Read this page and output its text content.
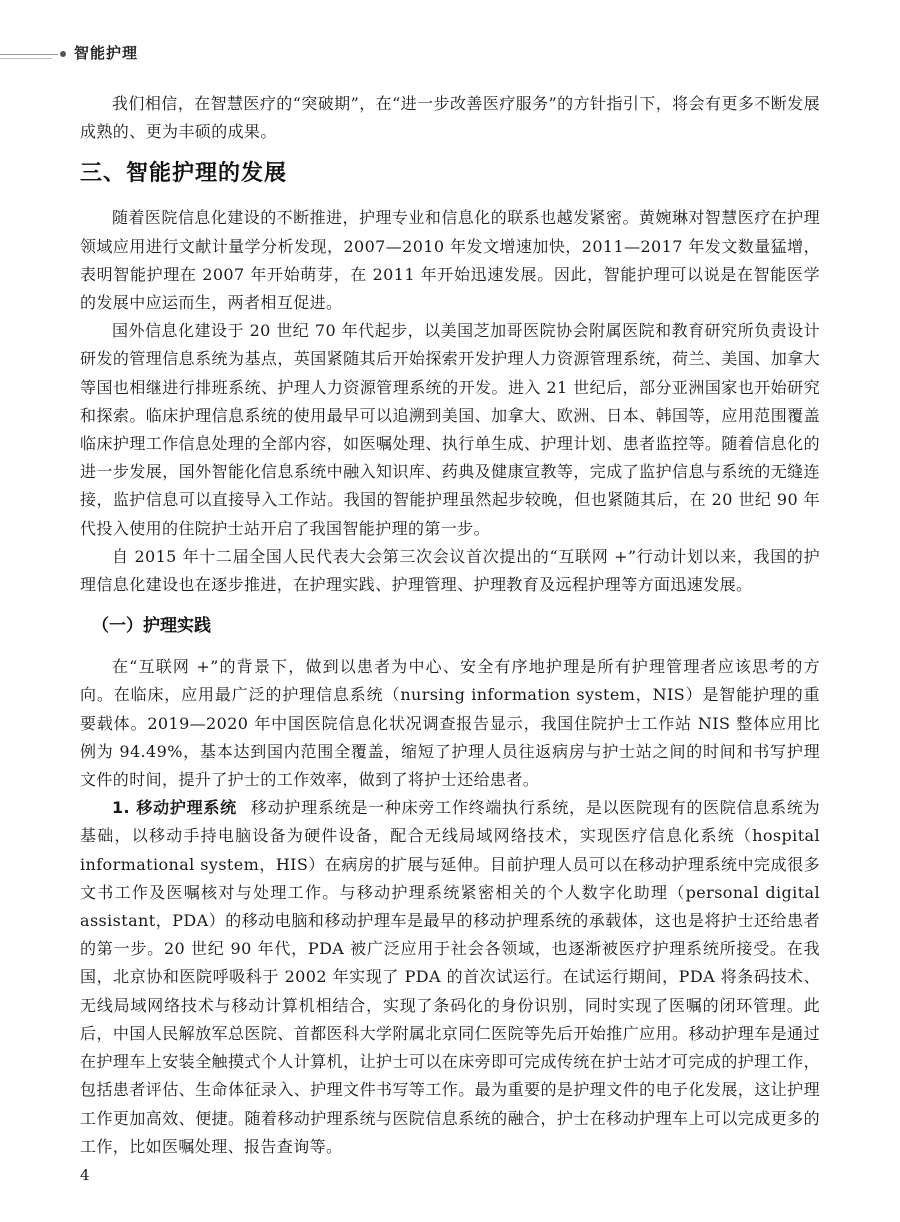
智能护理

我们相信，在智慧医疗的“突破期”，在“进一步改善医疗服务”的方针指引下，将会有更多不断发展成熟的、更为丰硕的成果。

三、智能护理的发展

随着医院信息化建设的不断推进，护理专业和信息化的联系也越发紧密。黄婉琳对智慧医疗在护理领域应用进行文献计量学分析发现，2007—2010 年发文增速加快，2011—2017 年发文数量猛增，表明智能护理在 2007 年开始萌芽，在 2011 年开始迅速发展。因此，智能护理可以说是在智能医学的发展中应运而生，两者相互促进。

国外信息化建设于 20 世纪 70 年代起步，以美国芝加哥医院协会附属医院和教育研究所负责设计研发的管理信息系统为基点，英国紧随其后开始探索开发护理人力资源管理系统，荷兰、美国、加拿大等国也相继进行排班系统、护理人力资源管理系统的开发。进入 21 世纪后，部分亚洲国家也开始研究和探索。临床护理信息系统的使用最早可以追溯到美国、加拿大、欧洲、日本、韩国等，应用范围覆盖临床护理工作信息处理的全部内容，如医嘱处理、执行单生成、护理计划、患者监控等。随着信息化的进一步发展，国外智能化信息系统中融入知识库、药典及健康宣教等，完成了监护信息与系统的无缝连接，监护信息可以直接导入工作站。我国的智能护理虽然起步较晚，但也紧随其后，在 20 世纪 90 年代投入使用的住院护士站开启了我国智能护理的第一步。

自 2015 年十二届全国人民代表大会第三次会议首次提出的“互联网 +”行动计划以来，我国的护理信息化建设也在逐步推进，在护理实践、护理管理、护理教育及远程护理等方面迅速发展。

（一）护理实践

在“互联网 +”的背景下，做到以患者为中心、安全有序地护理是所有护理管理者应该思考的方向。在临床，应用最广泛的护理信息系统（nursing information system，NIS）是智能护理的重要载体。2019—2020 年中国医院信息化状况调查报告显示，我国住院护士工作站 NIS 整体应用比例为 94.49%，基本达到国内范围全覆盖，缩短了护理人员往返病房与护士站之间的时间和书写护理文件的时间，提升了护士的工作效率，做到了将护士还给患者。

1. 移动护理系统 移动护理系统是一种床旁工作终端执行系统，是以医院现有的医院信息系统为基础，以移动手持电脑设备为硬件设备，配合无线局域网络技术，实现医疗信息化系统（hospital informational system，HIS）在病房的扩展与延伸。目前护理人员可以在移动护理系统中完成很多文书工作及医嘱核对与处理工作。与移动护理系统紧密相关的个人数字化助理（personal digital assistant，PDA）的移动电脑和移动护理车是最早的移动护理系统的承载体，这也是将护士还给患者的第一步。20 世纪 90 年代，PDA 被广泛应用于社会各领域，也逐渐被医疗护理系统所接受。在我国，北京协和医院呼吸科于 2002 年实现了 PDA 的首次试运行。在试运行期间，PDA 将条码技术、无线局域网络技术与移动计算机相结合，实现了条码化的身份识别，同时实现了医嘱的闭环管理。此后，中国人民解放军总医院、首都医科大学附属北京同仁医院等先后开始推广应用。移动护理车是通过在护理车上安装全触摸式个人计算机，让护士可以在床旁即可完成传统在护士站才可完成的护理工作，包括患者评估、生命体征录入、护理文件书写等工作。最为重要的是护理文件的电子化发展，这让护理工作更加高效、便捷。随着移动护理系统与医院信息系统的融合，护士在移动护理车上可以完成更多的工作，比如医嘱处理、报告查询等。

4
